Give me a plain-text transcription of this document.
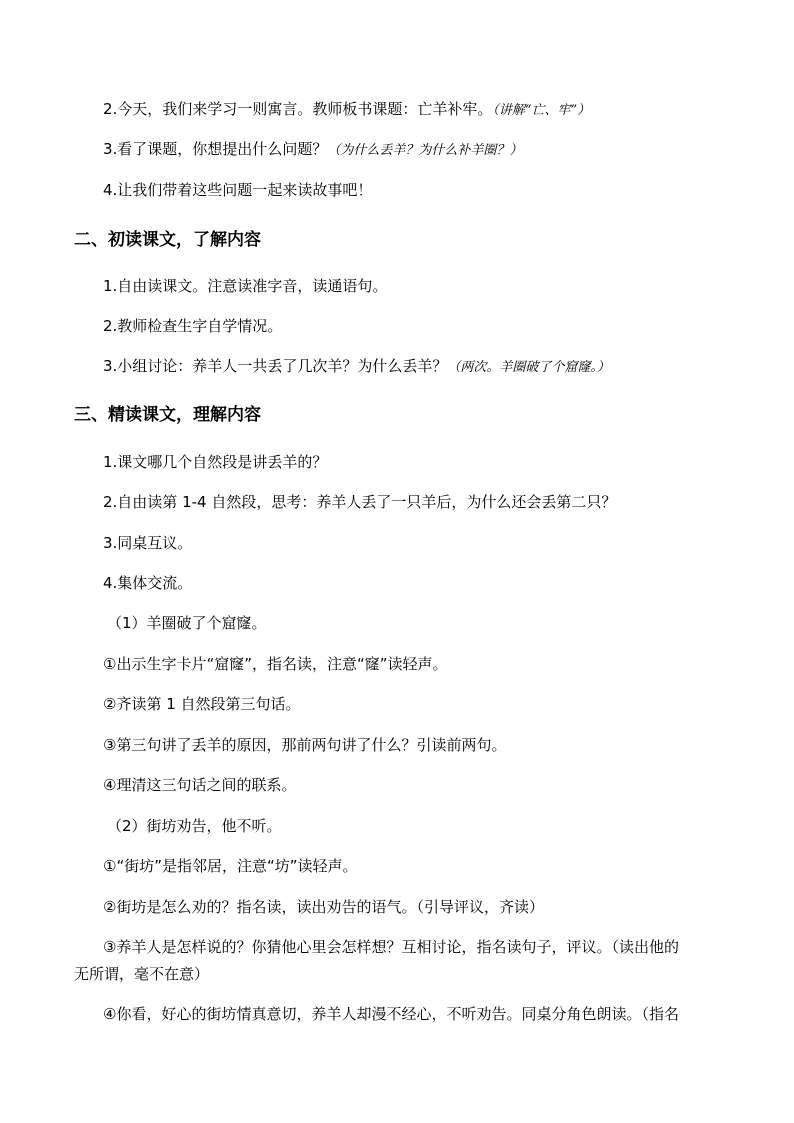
2.今天，我们来学习一则寓言。教师板书课题：亡羊补牢。（讲解“亡、牢”）
3.看了课题，你想提出什么问题？（为什么丢羊？为什么补羊圈？）
4.让我们带着这些问题一起来读故事吧！
二、初读课文，了解内容
1.自由读课文。注意读准字音，读通语句。
2.教师检查生字自学情况。
3.小组讨论：养羊人一共丢了几次羊？为什么丢羊？（两次。羊圈破了个窟窿。）
三、精读课文，理解内容
1.课文哪几个自然段是讲丢羊的？
2.自由读第 1-4 自然段，思考：养羊人丢了一只羊后，为什么还会丢第二只？
3.同桌互议。
4.集体交流。
（1）羊圈破了个窟窿。
①出示生字卡片“窟窿”，指名读，注意“窿”读轻声。
②齐读第 1 自然段第三句话。
③第三句讲了丢羊的原因，那前两句讲了什么？引读前两句。
④理清这三句话之间的联系。
（2）街坊劝告，他不听。
①“街坊”是指邻居，注意“坊”读轻声。
②街坊是怎么劝的？指名读，读出劝告的语气。（引导评议，齐读）
③养羊人是怎样说的？你猜他心里会怎样想？互相讨论，指名读句子，评议。（读出他的
无所谓，毫不在意）
④你看，好心的街坊情真意切，养羊人却漫不经心，不听劝告。同桌分角色朗读。（指名
